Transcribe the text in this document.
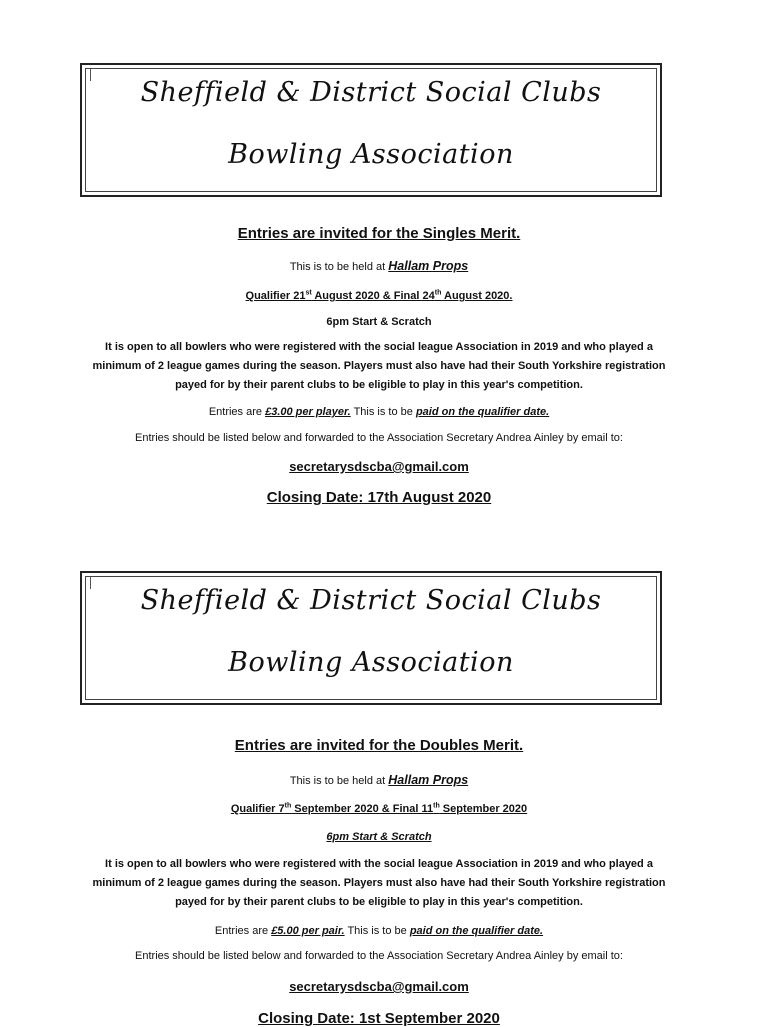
Sheffield & District Social Clubs
Bowling Association
Entries are invited for the Singles Merit.
This is to be held at Hallam Props
Qualifier 21st August 2020 & Final 24th August 2020.
6pm Start & Scratch
It is open to all bowlers who were registered with the social league Association in 2019 and who played a minimum of 2 league games during the season. Players must also have had their South Yorkshire registration payed for by their parent clubs to be eligible to play in this year's competition.
Entries are £3.00 per player. This is to be paid on the qualifier date.
Entries should be listed below and forwarded to the Association Secretary Andrea Ainley by email to:
secretarysdscba@gmail.com
Closing Date: 17th August 2020
Sheffield & District Social Clubs
Bowling Association
Entries are invited for the Doubles Merit.
This is to be held at Hallam Props
Qualifier 7th September 2020 & Final 11th September 2020
6pm Start & Scratch
It is open to all bowlers who were registered with the social league Association in 2019 and who played a minimum of 2 league games during the season. Players must also have had their South Yorkshire registration payed for by their parent clubs to be eligible to play in this year's competition.
Entries are £5.00 per pair. This is to be paid on the qualifier date.
Entries should be listed below and forwarded to the Association Secretary Andrea Ainley by email to:
secretarysdscba@gmail.com
Closing Date: 1st September 2020
